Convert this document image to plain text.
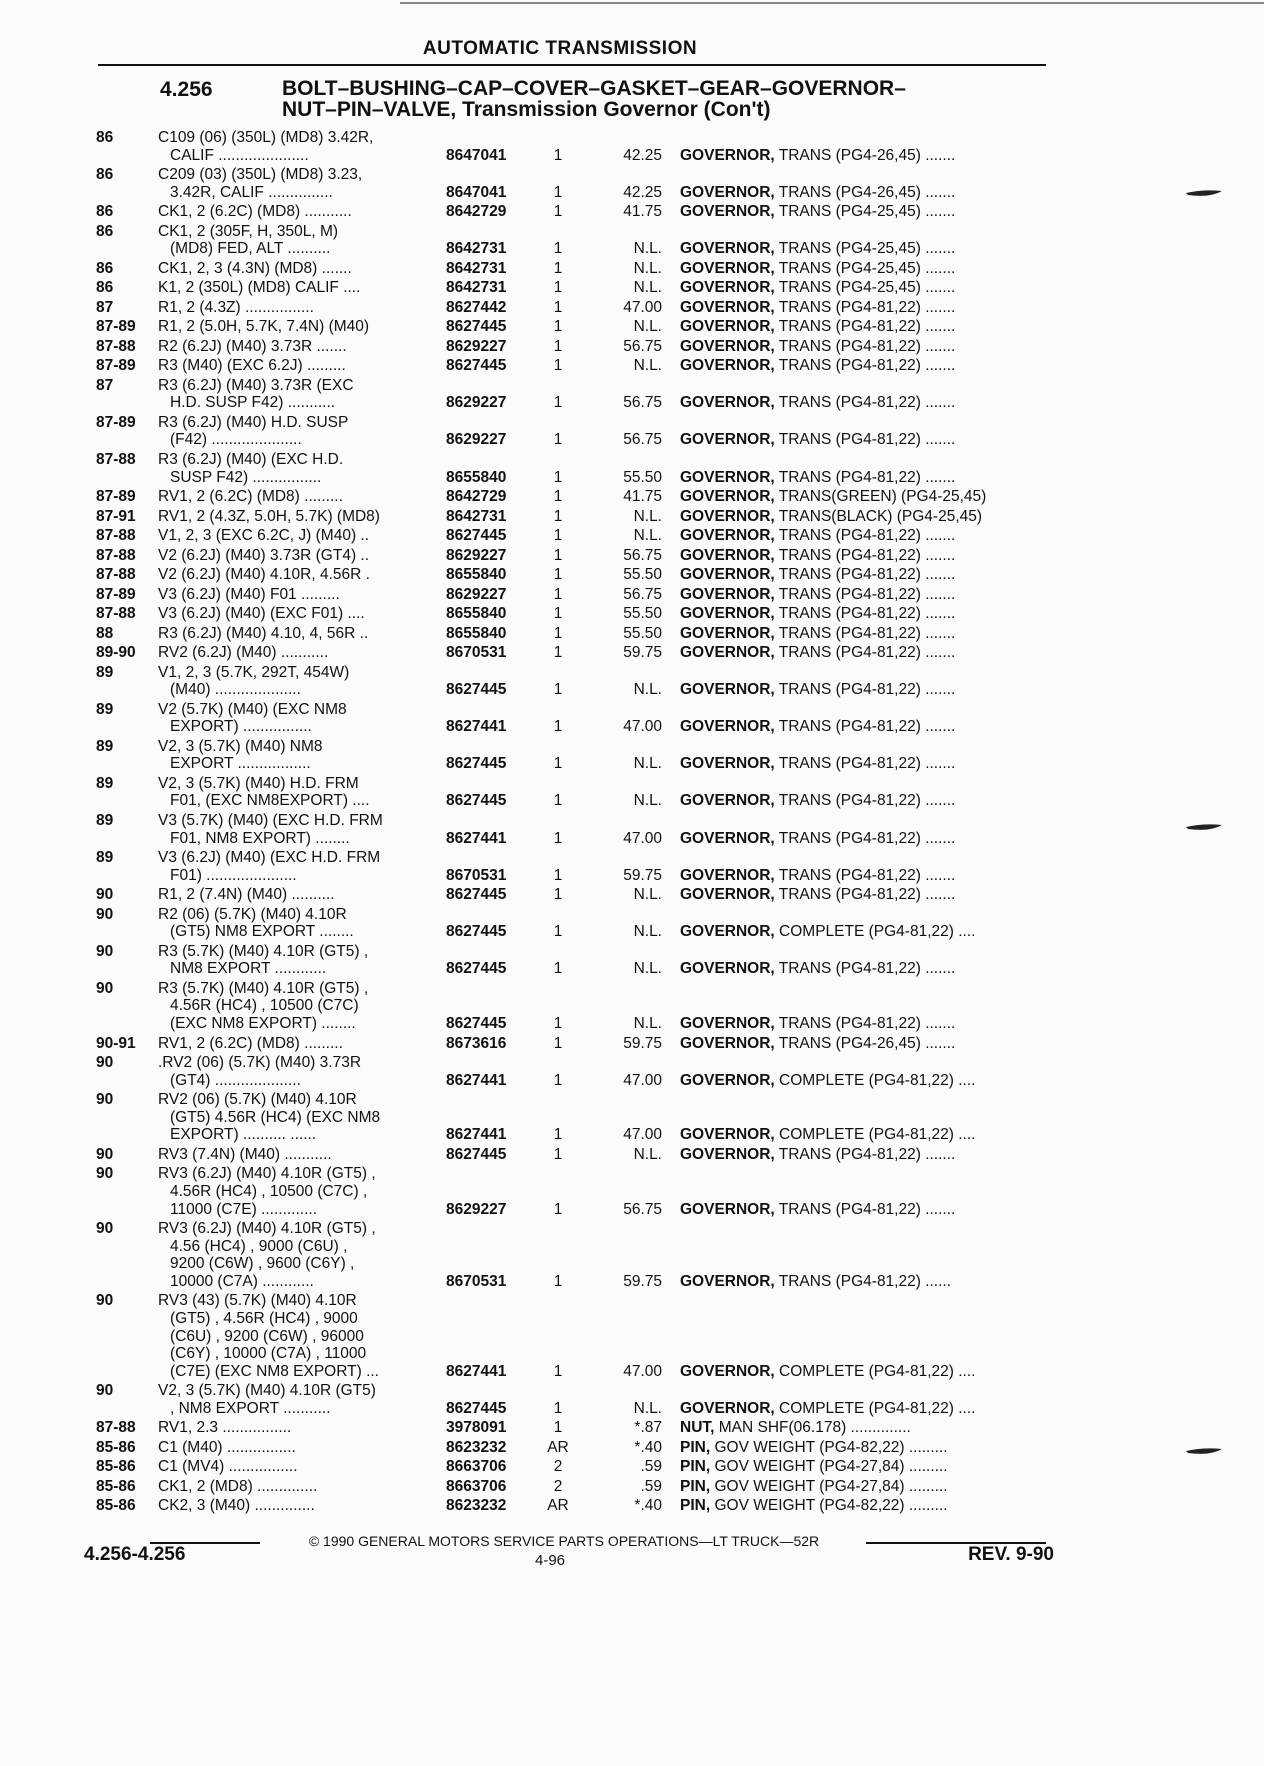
AUTOMATIC TRANSMISSION
4.256	BOLT–BUSHING–CAP–COVER–GASKET–GEAR–GOVERNOR–
NUT–PIN–VALVE, Transmission Governor (Con't)
86	C109 (06) (350L) (MD8) 3.42R,
CALIF .....................	8647041	1	42.25 GOVERNOR, TRANS (PG4-26,45) .......
86	C209 (03) (350L) (MD8) 3.23,
3.42R, CALIF ...............	8647041	1	42.25 GOVERNOR, TRANS (PG4-26,45) .......
86	CK1, 2 (6.2C) (MD8) ...........	8642729	1	41.75 GOVERNOR, TRANS (PG4-25,45) .......
86	CK1, 2 (305F, H, 350L, M)
(MD8) FED, ALT ..........	8642731	1	N.L. GOVERNOR, TRANS (PG4-25,45) .......
86	CK1, 2, 3 (4.3N) (MD8) .......	8642731	1	N.L. GOVERNOR, TRANS (PG4-25,45) .......
86	K1, 2 (350L) (MD8) CALIF ....	8642731	1	N.L. GOVERNOR, TRANS (PG4-25,45) .......
87	R1, 2 (4.3Z) ................	8627442	1	47.00 GOVERNOR, TRANS (PG4-81,22) .......
87-89 R1, 2 (5.0H, 5.7K, 7.4N) (M40)	8627445	1	N.L. GOVERNOR, TRANS (PG4-81,22) .......
87-88 R2 (6.2J) (M40) 3.73R .......	8629227	1	56.75 GOVERNOR, TRANS (PG4-81,22) .......
87-89 R3 (M40) (EXC 6.2J) .........	8627445	1	N.L. GOVERNOR, TRANS (PG4-81,22) .......
87	R3 (6.2J) (M40) 3.73R (EXC
H.D. SUSP F42) ...........	8629227	1	56.75 GOVERNOR, TRANS (PG4-81,22) .......
87-89 R3 (6.2J) (M40) H.D. SUSP
(F42) .....................	8629227	1	56.75 GOVERNOR, TRANS (PG4-81,22) .......
87-88 R3 (6.2J) (M40) (EXC H.D.
SUSP F42) ................	8655840	1	55.50 GOVERNOR, TRANS (PG4-81,22) .......
87-89 RV1, 2 (6.2C) (MD8) .........	8642729	1	41.75 GOVERNOR, TRANS(GREEN) (PG4-25,45)
87-91 RV1, 2 (4.3Z, 5.0H, 5.7K) (MD8)	8642731	1	N.L. GOVERNOR, TRANS(BLACK) (PG4-25,45)
87-88 V1, 2, 3 (EXC 6.2C, J) (M40) ..	8627445	1	N.L. GOVERNOR, TRANS (PG4-81,22) .......
87-88 V2 (6.2J) (M40) 3.73R (GT4) ..	8629227	1	56.75 GOVERNOR, TRANS (PG4-81,22) .......
87-88 V2 (6.2J) (M40) 4.10R, 4.56R .	8655840	1	55.50 GOVERNOR, TRANS (PG4-81,22) .......
87-89 V3 (6.2J) (M40) F01 .........	8629227	1	56.75 GOVERNOR, TRANS (PG4-81,22) .......
87-88 V3 (6.2J) (M40) (EXC F01) ....	8655840	1	55.50 GOVERNOR, TRANS (PG4-81,22) .......
88	R3 (6.2J) (M40) 4.10, 4, 56R ..	8655840	1	55.50 GOVERNOR, TRANS (PG4-81,22) .......
89-90 RV2 (6.2J) (M40) ...........	8670531	1	59.75 GOVERNOR, TRANS (PG4-81,22) .......
89	V1, 2, 3 (5.7K, 292T, 454W)
(M40) ....................	8627445	1	N.L. GOVERNOR, TRANS (PG4-81,22) .......
89	V2 (5.7K) (M40) (EXC NM8
EXPORT) ................	8627441	1	47.00 GOVERNOR, TRANS (PG4-81,22) .......
89	V2, 3 (5.7K) (M40) NM8
EXPORT .................	8627445	1	N.L. GOVERNOR, TRANS (PG4-81,22) .......
89	V2, 3 (5.7K) (M40) H.D. FRM
F01, (EXC NM8EXPORT) ....	8627445	1	N.L. GOVERNOR, TRANS (PG4-81,22) .......
89	V3 (5.7K) (M40) (EXC H.D. FRM
F01, NM8 EXPORT) ........	8627441	1	47.00 GOVERNOR, TRANS (PG4-81,22) .......
89	V3 (6.2J) (M40) (EXC H.D. FRM
F01) .....................	8670531	1	59.75 GOVERNOR, TRANS (PG4-81,22) .......
90	R1, 2 (7.4N) (M40) ..........	8627445	1	N.L. GOVERNOR, TRANS (PG4-81,22) .......
90	R2 (06) (5.7K) (M40) 4.10R
(GT5) NM8 EXPORT ........	8627445	1	N.L. GOVERNOR, COMPLETE (PG4-81,22) ....
90	R3 (5.7K) (M40) 4.10R (GT5) ,
NM8 EXPORT ............	8627445	1	N.L. GOVERNOR, TRANS (PG4-81,22) .......
90	R3 (5.7K) (M40) 4.10R (GT5) ,
4.56R (HC4) , 10500 (C7C)
(EXC NM8 EXPORT) ........	8627445	1	N.L. GOVERNOR, TRANS (PG4-81,22) .......
90-91 RV1, 2 (6.2C) (MD8) .........	8673616	1	59.75 GOVERNOR, TRANS (PG4-26,45) .......
90	.RV2 (06) (5.7K) (M40) 3.73R
(GT4) ....................	8627441	1	47.00 GOVERNOR, COMPLETE (PG4-81,22) ....
90	RV2 (06) (5.7K) (M40) 4.10R
(GT5) 4.56R (HC4) (EXC NM8
EXPORT) .......... ......	8627441	1	47.00 GOVERNOR, COMPLETE (PG4-81,22) ....
90	RV3 (7.4N) (M40) ...........	8627445	1	N.L. GOVERNOR, TRANS (PG4-81,22) .......
90	RV3 (6.2J) (M40) 4.10R (GT5) ,
4.56R (HC4) , 10500 (C7C) ,
11000 (C7E) .............	8629227	1	56.75 GOVERNOR, TRANS (PG4-81,22) .......
90	RV3 (6.2J) (M40) 4.10R (GT5) ,
4.56 (HC4) , 9000 (C6U) ,
9200 (C6W) , 9600 (C6Y) ,
10000 (C7A) ............	8670531	1	59.75 GOVERNOR, TRANS (PG4-81,22) ......
90	RV3 (43) (5.7K) (M40) 4.10R
(GT5) , 4.56R (HC4) , 9000
(C6U) , 9200 (C6W) , 96000
(C6Y) , 10000 (C7A) , 11000
(C7E) (EXC NM8 EXPORT) ...	8627441	1	47.00 GOVERNOR, COMPLETE (PG4-81,22) ....
90	V2, 3 (5.7K) (M40) 4.10R (GT5)
, NM8 EXPORT ...........	8627445	1	N.L. GOVERNOR, COMPLETE (PG4-81,22) ....
87-88 RV1, 2.3 ................	3978091	1	*.87 NUT, MAN SHF(06.178) ..............
85-86 C1 (M40) ................	8623232	AR	*.40 PIN, GOV WEIGHT (PG4-82,22) .........
85-86 C1 (MV4) ................	8663706	2	.59 PIN, GOV WEIGHT (PG4-27,84) .........
85-86 CK1, 2 (MD8) ..............	8663706	2	.59 PIN, GOV WEIGHT (PG4-27,84) .........
85-86 CK2, 3 (M40) ..............	8623232	AR	*.40 PIN, GOV WEIGHT (PG4-82,22) .........
4.256-4.256
© 1990 GENERAL MOTORS SERVICE PARTS OPERATIONS—LT TRUCK—52R
4-96	REV. 9-90
